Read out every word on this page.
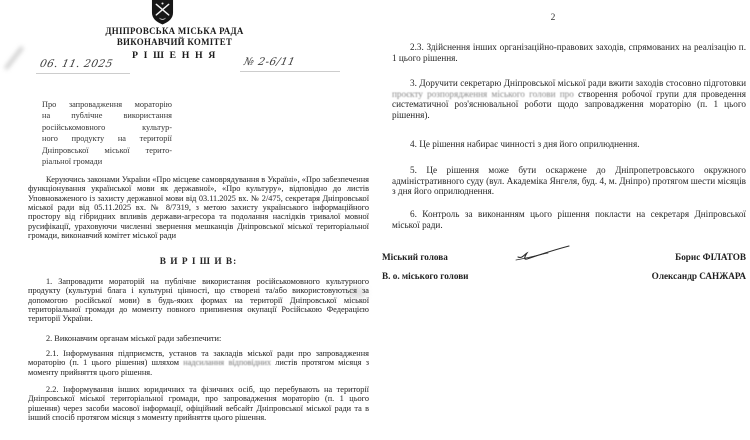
ДНІПРОВСЬКА МІСЬКА РАДА
ВИКОНАВЧИЙ КОМІТЕТ
Р І Ш Е Н Н Я
06. 11. 2025	№ 2-6/11
Про запровадження мораторію
на публічне використання
російськомовного культур-
ного продукту на території
Дніпровської міської терито-
ріальної громади

Керуючись законами України «Про місцеве самоврядування в Україні», «Про забезпечення функціонування української мови як державної», «Про культуру», відповідно до листів Уповноваженого із захисту державної мови від 03.11.2025 вх. № 2/475, секретаря Дніпровської міської ради від 05.11.2025 вх. № 8/7319, з метою захисту українського інформаційного простору від гібридних впливів держави-агресора та подолання наслідків тривалої мовної русифікації, ураховуючи численні звернення мешканців Дніпровської міської територіальної громади, виконавчий комітет міської ради

В И Р І Ш И В:

1. Запровадити мораторій на публічне використання російськомовного культурного продукту (культурні блага і культурні цінності, що створені та/або використовуються за допомогою російської мови) в будь-яких формах на території Дніпровської міської територіальної громади до моменту повного припинення окупації Російською Федерацією території України.

2. Виконавчим органам міської ради забезпечити:

2.1. Інформування підприємств, установ та закладів міської ради про запровадження мораторію (п. 1 цього рішення) шляхом надсилання відповідних листів протягом місяця з моменту прийняття цього рішення.

2.2. Інформування інших юридичних та фізичних осіб, що перебувають на території Дніпровської міської територіальної громади, про запровадження мораторію (п. 1 цього рішення) через засоби масової інформації, офіційний вебсайт Дніпровської міської ради та в інший спосіб протягом місяця з моменту прийняття цього рішення.

2

2.3. Здійснення інших організаційно-правових заходів, спрямованих на реалізацію п. 1 цього рішення.

3. Доручити секретарю Дніпровської міської ради вжити заходів стосовно підготовки проєкту розпорядження міського голови про створення робочої групи для проведення систематичної роз'яснювальної роботи щодо запровадження мораторію (п. 1 цього рішення).

4. Це рішення набирає чинності з дня його оприлюднення.

5. Це рішення може бути оскаржене до Дніпропетровського окружного адміністративного суду (вул. Академіка Янгеля, буд. 4, м. Дніпро) протягом шести місяців з дня його оприлюднення.

6. Контроль за виконанням цього рішення покласти на секретаря Дніпровської міської ради.

Міський голова	Борис ФІЛАТОВ
В. о. міського голови	Олександр САНЖАРА
